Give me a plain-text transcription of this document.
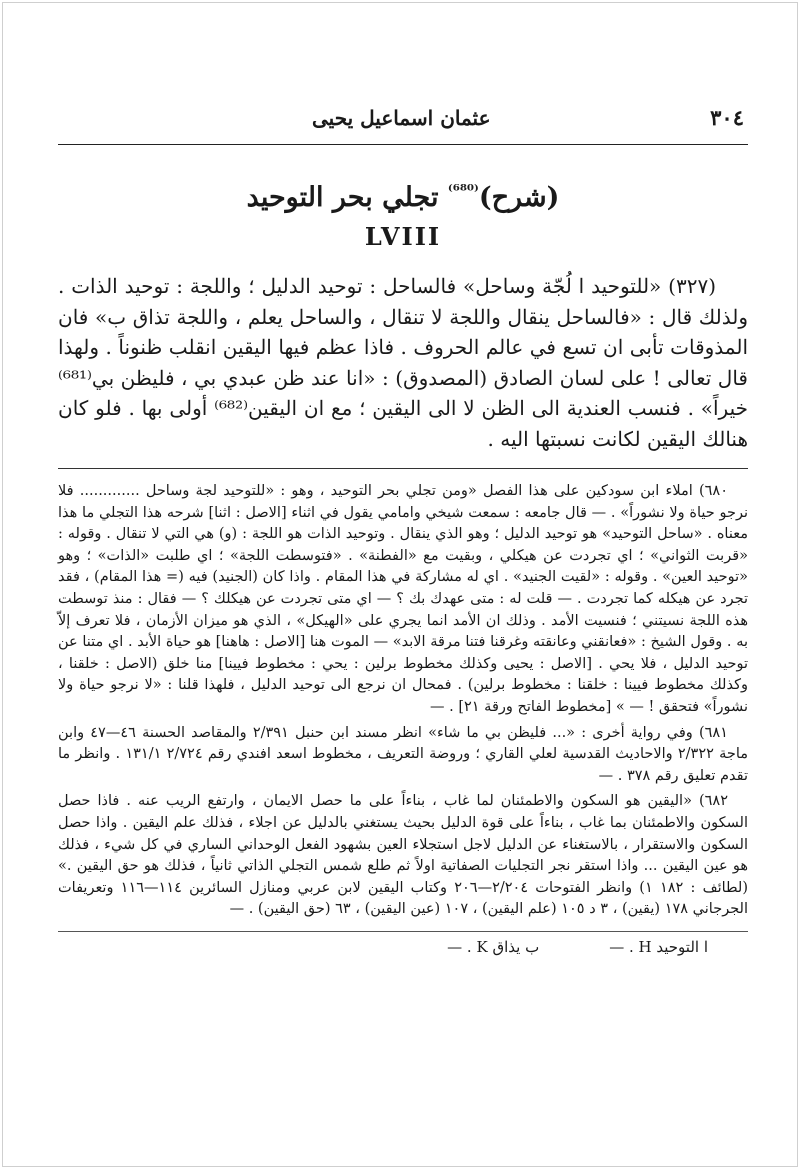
٣٠٤
عثمان اسماعيل يحيى
(شرح)$^{^{(680)}}$ تجلي بحر التوحيد
LVIII
(٣٢٧) «للتوحيد ا لُجّة وساحل» فالساحل : توحيد الدليل ؛ واللجة : توحيد الذات . ولذلك قال : «فالساحل ينقال واللجة لا تنقال ، والساحل يعلم ، واللجة تذاق ب» فان المذوقات تأبى ان تسع في عالم الحروف . فاذا عظم فيها اليقين انقلب ظنوناً . ولهذا قال تعالى ! على لسان الصادق (المصدوق) : «انا عند ظن عبدي بي ، فليظن بي⁽⁶⁸¹⁾ خيراً» . فنسب العندية الى الظن لا الى اليقين ؛ مع ان اليقين⁽⁶⁸²⁾ أولى بها . فلو كان هنالك اليقين لكانت نسبتها اليه .

٦٨٠) املاء ابن سودكين على هذا الفصل «ومن تجلي بحر التوحيد ، وهو : «للتوحيد لجة وساحل ............. فلا نرجو حياة ولا نشوراً» . — قال جامعه : سمعت شيخي وامامي يقول في اثناء [الاصل : اثنا] شرحه هذا التجلي ما هذا معناه . «ساحل التوحيد» هو توحيد الدليل ؛ وهو الذي ينقال . وتوحيد الذات هو اللجة : (و) هي التي لا تنقال . وقوله : «قربت الثواني» ؛ اي تجردت عن هيكلي ، وبقيت مع «الفطنة» . «فتوسطت اللجة» ؛ اي طلبت «الذات» ؛ وهو «توحيد العين» . وقوله : «لقيت الجنيد» . اي له مشاركة في هذا المقام . واذا كان (الجنيد) فيه (= هذا المقام) ، فقد تجرد عن هيكله كما تجردت . — قلت له : متى عهدك بك ؟ — اي متى تجردت عن هيكلك ؟ — فقال : منذ توسطت هذه اللجة نسيتني ؛ فنسيت الأمد . وذلك ان الأمد انما يجري على «الهيكل» ، الذي هو ميزان الأزمان ، فلا تعرف إلاّ به . وقول الشيخ : «فعانقني وعانقته وغرقنا فتنا مرقة الابد» — الموت هنا [الاصل : هاهنا] هو حياة الأبد . اي متنا عن توحيد الدليل ، فلا يحي . [الاصل : يحيى وكذلك مخطوط برلين : يحي : مخطوط فيينا] منا خلق (الاصل : خلقنا ، وكذلك مخطوط فيينا : خلقنا : مخطوط برلين) . فمحال ان نرجع الى توحيد الدليل ، فلهذا قلنا : «لا نرجو حياة ولا نشوراً» فتحقق ! — » [مخطوط الفاتح ورقة ٢١] . —

٦٨١) وفي رواية أخرى : «... فليظن بي ما شاء» انظر مسند ابن حنبل ٢/٣٩١ والمقاصد الحسنة ٤٦—٤٧ وابن ماجة ٢/٣٢٢ والاحاديث القدسية لعلي القاري ؛ وروضة التعريف ، مخطوط اسعد افندي رقم ٢/٧٢٤ ١٣١/١ . وانظر ما تقدم تعليق رقم ٣٧٨ . —

٦٨٢) «اليقين هو السكون والاطمئنان لما غاب ، بناءاً على ما حصل الايمان ، وارتفع الريب عنه . فاذا حصل السكون والاطمئنان بما غاب ، بناءاً على قوة الدليل بحيث يستغني بالدليل عن اجلاء ، فذلك علم اليقين . واذا حصل السكون والاستقرار ، بالاستغناء عن الدليل لاجل استجلاء العين بشهود الفعل الوحداني الساري في كل شيء ، فذلك هو عين اليقين ... واذا استقر نجر التجليات الصفاتية اولاً ثم طلع شمس التجلي الذاتي ثانياً ، فذلك هو حق اليقين .» (لطائف : ١٨٢ ١) وانظر الفتوحات ٢/٢٠٤—٢٠٦ وكتاب اليقين لابن عربي ومنازل السائرين ١١٤—١١٦ وتعريفات الجرجاني ١٧٨ (يقين) ، ٣ د ١٠٥ (علم اليقين) ، ١٠٧ (عين اليقين) ، ٦٣ (حق اليقين) . —

ا التوحيد H . —
ب يذاق K . —
